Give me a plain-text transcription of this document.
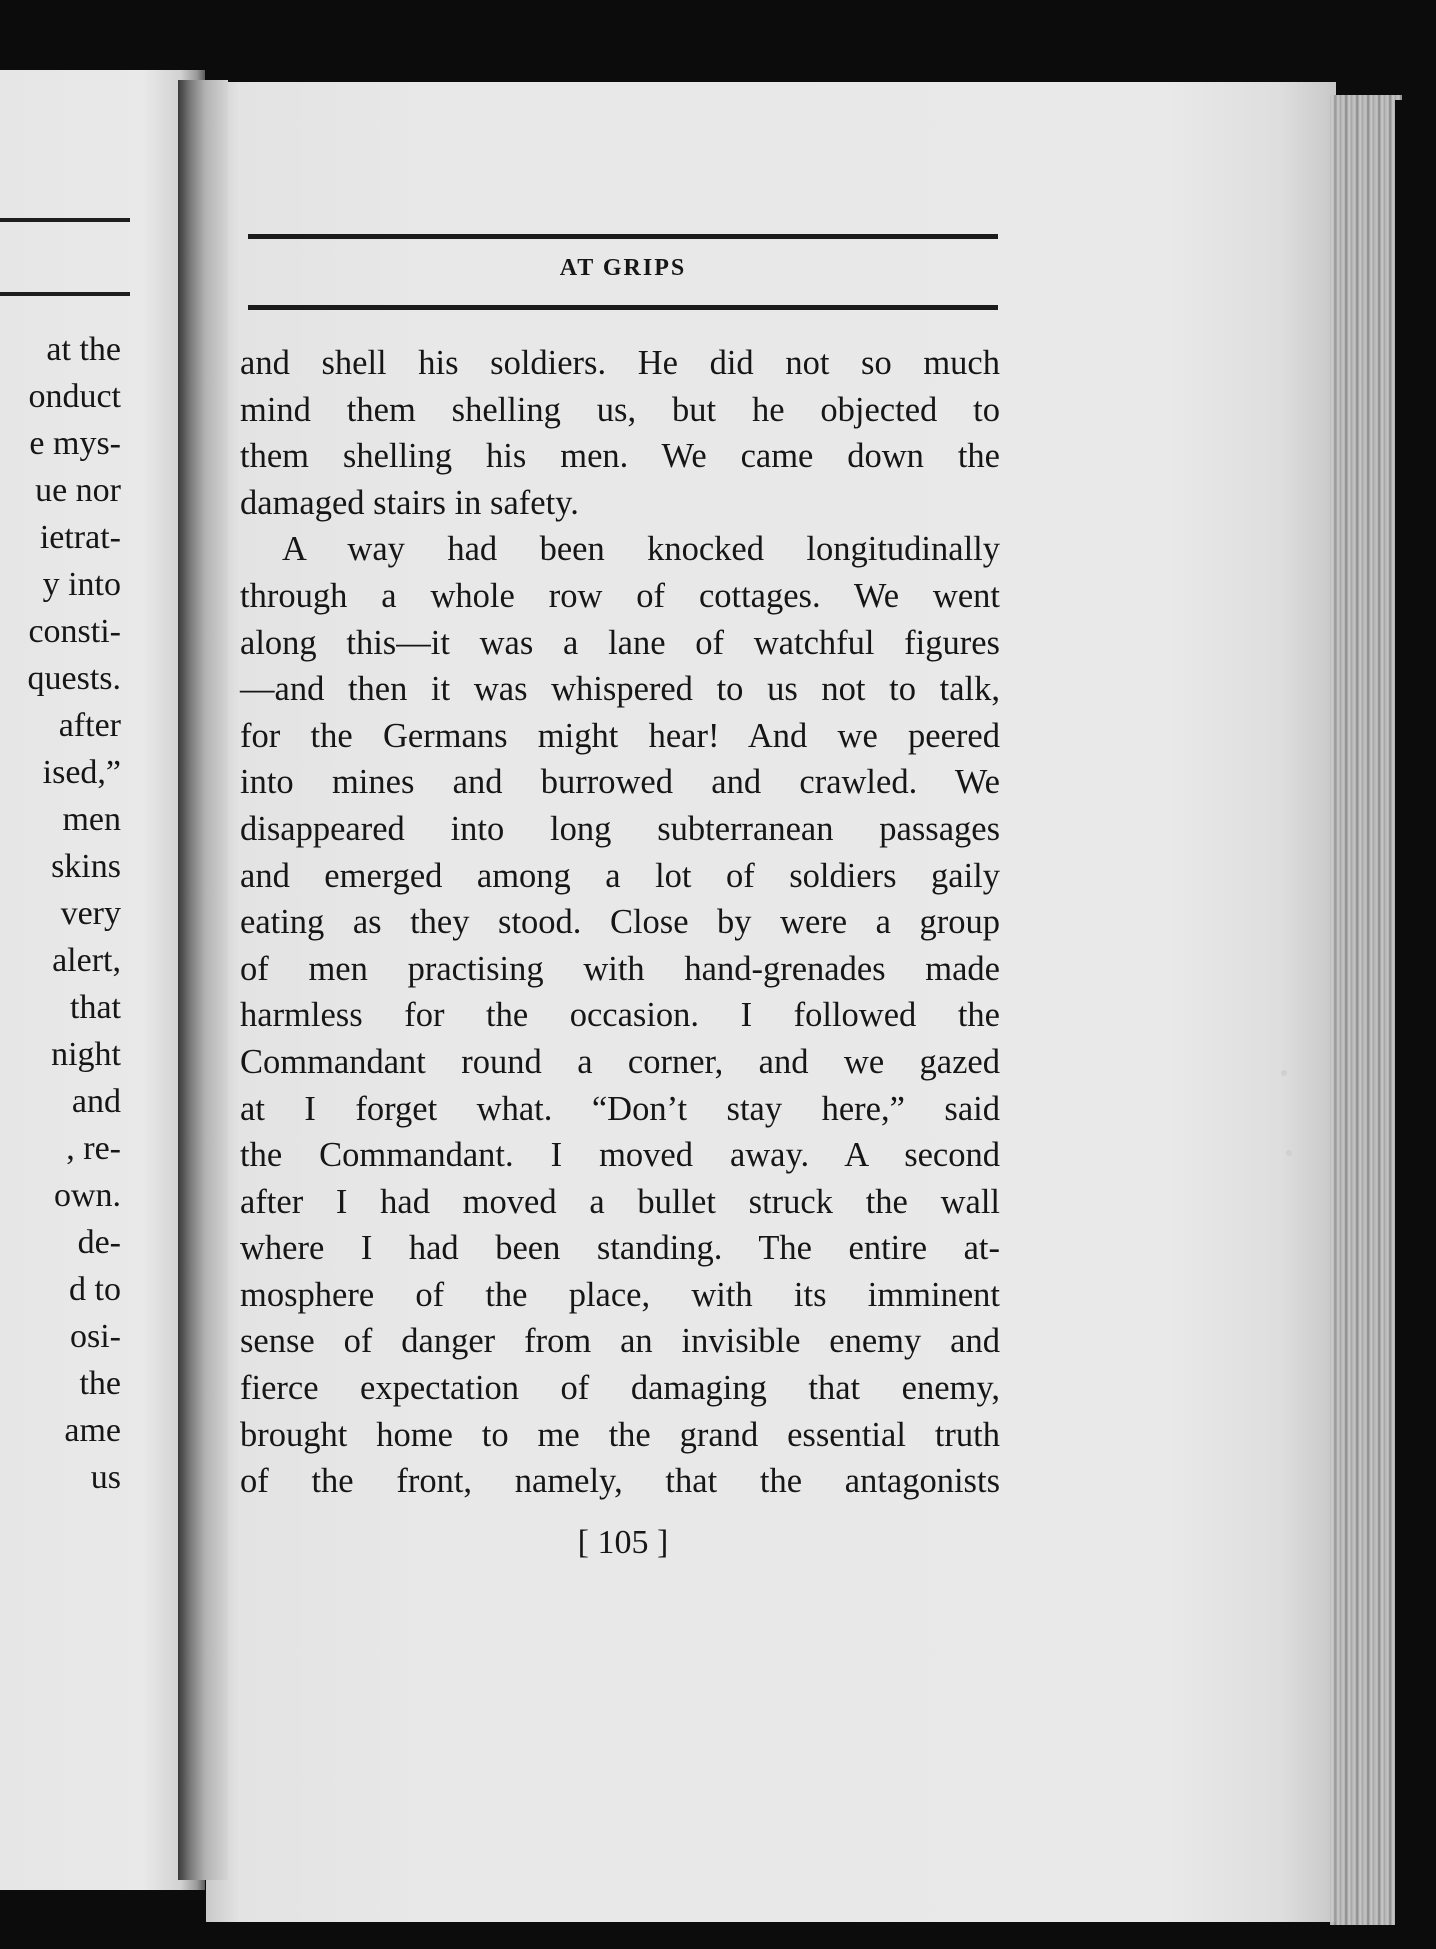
at the
onduct
e mys-
ue nor
ietrat-
y into
consti-
quests.
after
ised,”
men
skins
very
alert,
that
night
and
, re-
own.
de-
d to
osi-
the
ame
us
AT GRIPS
and shell his soldiers. He did not so much
mind them shelling us, but he objected to
them shelling his men. We came down the
damaged stairs in safety.
A way had been knocked longitudinally
through a whole row of cottages. We went
along this—it was a lane of watchful figures
—and then it was whispered to us not to talk,
for the Germans might hear! And we peered
into mines and burrowed and crawled. We
disappeared into long subterranean passages
and emerged among a lot of soldiers gaily
eating as they stood. Close by were a group
of men practising with hand-grenades made
harmless for the occasion. I followed the
Commandant round a corner, and we gazed
at I forget what. “Don’t stay here,” said
the Commandant. I moved away. A second
after I had moved a bullet struck the wall
where I had been standing. The entire at-
mosphere of the place, with its imminent
sense of danger from an invisible enemy and
fierce expectation of damaging that enemy,
brought home to me the grand essential truth
of the front, namely, that the antagonists
[ 105 ]
